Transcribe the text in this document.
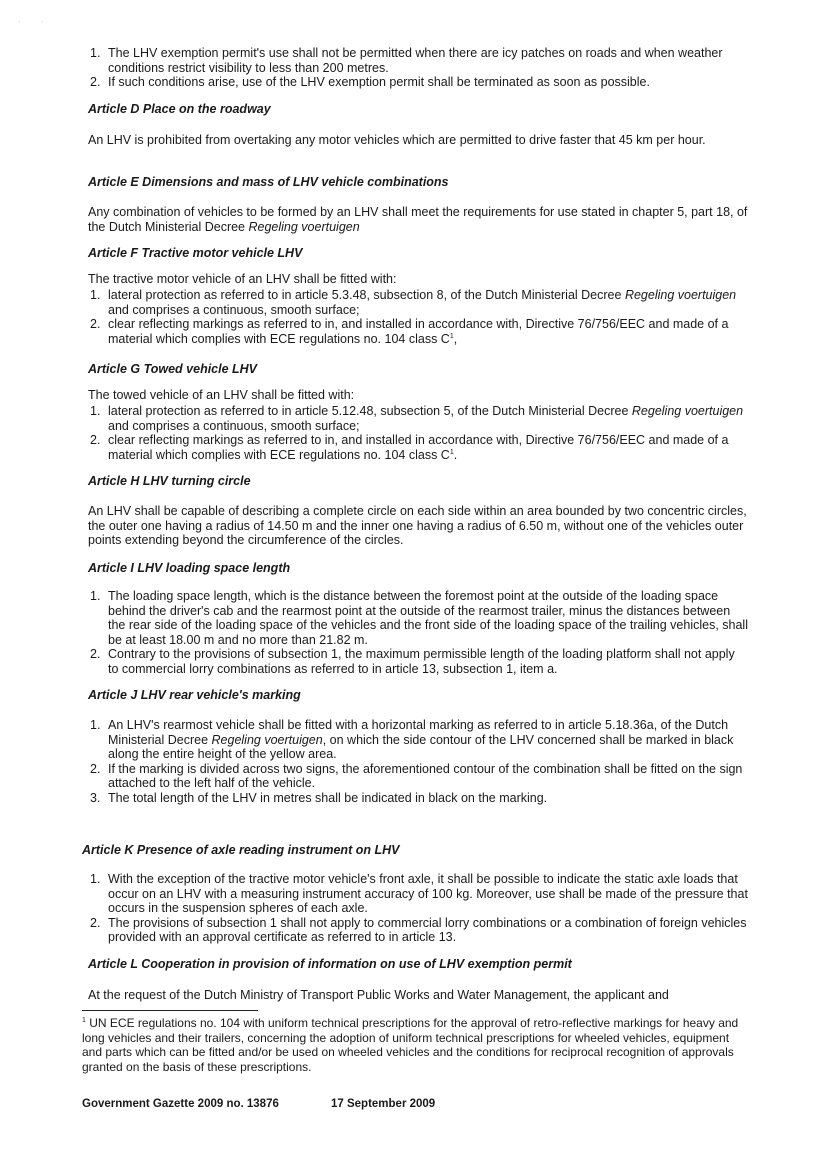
·         ·
1. The LHV exemption permit's use shall not be permitted when there are icy patches on roads and when weather conditions restrict visibility to less than 200 metres.
2. If such conditions arise, use of the LHV exemption permit shall be terminated as soon as possible.
Article D Place on the roadway

An LHV is prohibited from overtaking any motor vehicles which are permitted to drive faster that 45 km per hour.

Article E Dimensions and mass of LHV vehicle combinations

Any combination of vehicles to be formed by an LHV shall meet the requirements for use stated in chapter 5, part 18, of the Dutch Ministerial Decree Regeling voertuigen

Article F Tractive motor vehicle LHV

The tractive motor vehicle of an LHV shall be fitted with:

1. lateral protection as referred to in article 5.3.48, subsection 8, of the Dutch Ministerial Decree Regeling voertuigen and comprises a continuous, smooth surface;
2. clear reflecting markings as referred to in, and installed in accordance with, Directive 76/756/EEC and made of a material which complies with ECE regulations no. 104 class $C^1$,
Article G Towed vehicle LHV

The towed vehicle of an LHV shall be fitted with:

1. lateral protection as referred to in article 5.12.48, subsection 5, of the Dutch Ministerial Decree Regeling voertuigen and comprises a continuous, smooth surface;
2. clear reflecting markings as referred to in, and installed in accordance with, Directive 76/756/EEC and made of a material which complies with ECE regulations no. 104 class $C^1$.
Article H LHV turning circle

An LHV shall be capable of describing a complete circle on each side within an area bounded by two concentric circles, the outer one having a radius of 14.50 m and the inner one having a radius of 6.50 m, without one of the vehicles outer points extending beyond the circumference of the circles.

Article I LHV loading space length
1. The loading space length, which is the distance between the foremost point at the outside of the loading space behind the driver's cab and the rearmost point at the outside of the rearmost trailer, minus the distances between the rear side of the loading space of the vehicles and the front side of the loading space of the trailing vehicles, shall be at least 18.00 m and no more than 21.82 m.
2. Contrary to the provisions of subsection 1, the maximum permissible length of the loading platform shall not apply to commercial lorry combinations as referred to in article 13, subsection 1, item a.
Article J LHV rear vehicle's marking
1. An LHV's rearmost vehicle shall be fitted with a horizontal marking as referred to in article 5.18.36a, of the Dutch Ministerial Decree Regeling voertuigen, on which the side contour of the LHV concerned shall be marked in black along the entire height of the yellow area.
2. If the marking is divided across two signs, the aforementioned contour of the combination shall be fitted on the sign attached to the left half of the vehicle.
3. The total length of the LHV in metres shall be indicated in black on the marking.
Article K Presence of axle reading instrument on LHV
1. With the exception of the tractive motor vehicle's front axle, it shall be possible to indicate the static axle loads that occur on an LHV with a measuring instrument accuracy of 100 kg. Moreover, use shall be made of the pressure that occurs in the suspension spheres of each axle.
2. The provisions of subsection 1 shall not apply to commercial lorry combinations or a combination of foreign vehicles provided with an approval certificate as referred to in article 13.
Article L Cooperation in provision of information on use of LHV exemption permit

At the request of the Dutch Ministry of Transport Public Works and Water Management, the applicant and

$^1$ UN ECE regulations no. 104 with uniform technical prescriptions for the approval of retro-reflective markings for heavy and long vehicles and their trailers, concerning the adoption of uniform technical prescriptions for wheeled vehicles, equipment and parts which can be fitted and/or be used on wheeled vehicles and the conditions for reciprocal recognition of approvals granted on the basis of these prescriptions.

Government Gazette 2009 no. 13876	17 September 2009
